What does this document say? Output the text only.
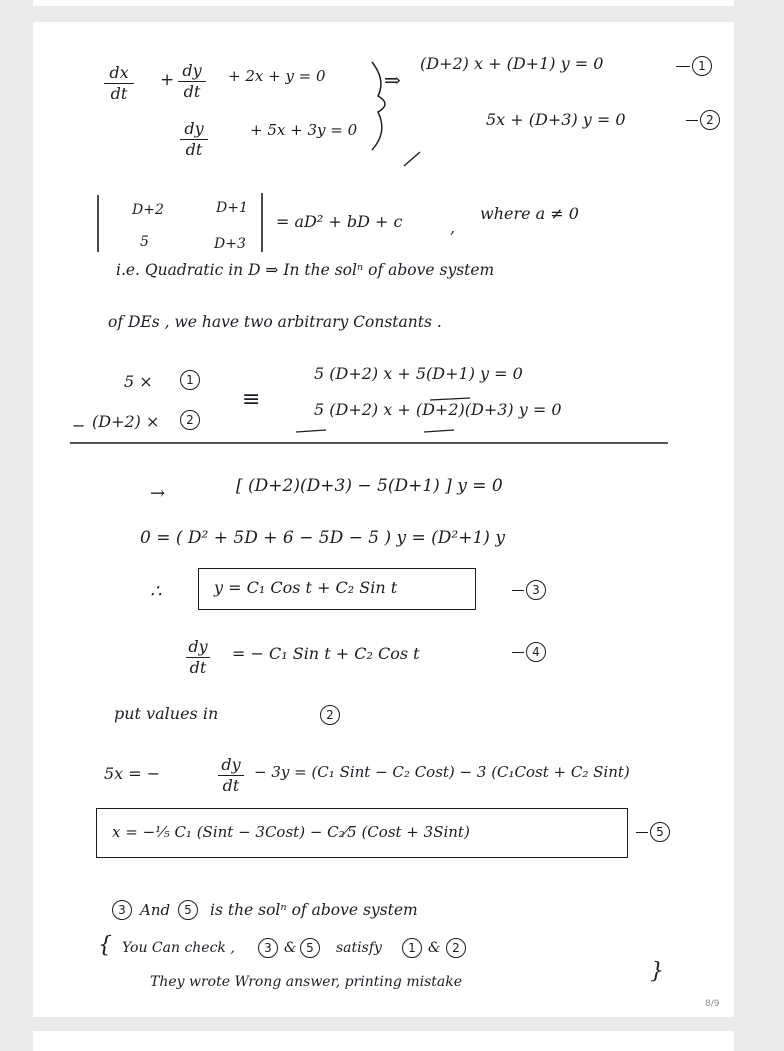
dx
dt
+ dy
dt
+ 2x + y = 0
dy
dt
+ 5x + 3y = 0
⇒
(D+2) x + (D+1) y = 0	1
5x + (D+3) y = 0	2
D+2	D+1
5	D+3
= aD² + bD + c	,
where a ≠ 0
i.e. Quadratic in D ⇒ In the solⁿ of above system
of DEs , we have two arbitrary Constants .
5 ×	1
− (D+2) ×	2
≡
5 (D+2) x + 5(D+1) y = 0
5 (D+2) x + (D+2)(D+3) y = 0
→	[ (D+2)(D+3) − 5(D+1) ] y = 0
0 = ( D² + 5D + 6 − 5D − 5 ) y = (D²+1) y
∴	y = C₁ Cos t + C₂ Sin t	3
dy
dt
= − C₁ Sin t + C₂ Cos t	4
put values in	2
5x = −	dy
dt
− 3y = (C₁ Sint − C₂ Cost) − 3 (C₁Cost + C₂ Sint)
x = −⅕ C₁ (Sint − 3Cost) − C₂⁄5 (Cost + 3Sint)	5
3 And	5	is the solⁿ of above system
{ You Can check ,	3 & 5	satisfy	1 & 2
They wrote Wrong answer, printing mistake	}
8/9
